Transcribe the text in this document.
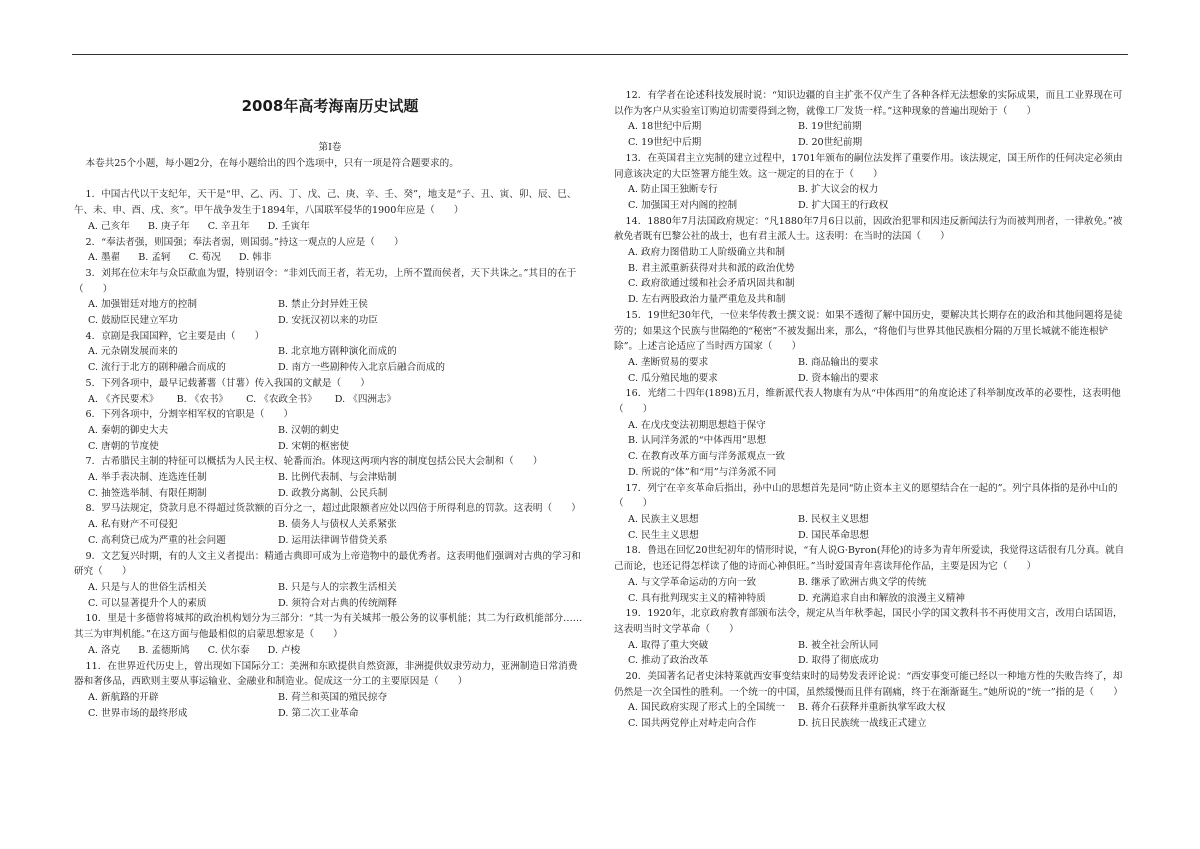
2008年高考海南历史试题
第Ⅰ卷

本卷共25个小题，每小题2分，在每小题给出的四个选项中，只有一项是符合题要求的。

1．中国古代以干支纪年，天干是“甲、乙、丙、丁、戊、己、庚、辛、壬、癸”，地支是“子、丑、寅、卯、辰、巳、午、未、申、酉、戌、亥”。甲午战争发生于1894年，八国联军侵华的1900年应是（　　）

A. 己亥年 B. 庚子年 C. 辛丑年 D. 壬寅年

2．“奉法者强，则国强；奉法者弱，则国弱。”持这一观点的人应是（　　）

A. 墨翟 B. 孟轲 C. 荀况 D. 韩非

3．刘邦在位末年与众臣歃血为盟，特别诏令：“非刘氏而王者，若无功，上所不置而侯者，天下共诛之。”其目的在于（　　）

A. 加强钳廷对地方的控制	B. 禁止分封异姓王侯
C. 鼓励臣民建立军功	D. 安抚汉初以来的功臣

4．京剧是我国国粹，它主要是由（　　）

A. 元杂剧发展而来的	B. 北京地方剧种演化而成的
C. 流行于北方的剧种融合而成的	D. 南方一些剧种传入北京后融合而成的

5．下列各项中，最早记载蕃薯（甘薯）传入我国的文献是（　　）

A. 《齐民要术》 B. 《农书》 C. 《农政全书》 D. 《四洲志》

6．下列各项中，分割宰相军权的官职是（　　）

A. 秦朝的御史大夫	B. 汉朝的刺史
C. 唐朝的节度使	D. 宋朝的枢密使

7．古希腊民主制的特征可以概括为人民主权、轮番而治。体现这两项内容的制度包括公民大会制和（　　）

A. 举手表决制、连选连任制	B. 比例代表制、与会津贴制
C. 抽签选举制、有限任期制	D. 政教分离制、公民兵制

8．罗马法规定，贷款月息不得超过货款额的百分之一，超过此限额者应处以四倍于所得利息的罚款。这表明（　　）

A. 私有财产不可侵犯	B. 债务人与债权人关系紧张
C. 高利贷已成为严重的社会问题	D. 运用法律调节借贷关系

9．文艺复兴时期，有的人文主义者提出：精通古典即可成为上帝造物中的最优秀者。这表明他们强调对古典的学习和研究（　　）

A. 只是与人的世俗生活相关	B. 只是与人的宗教生活相关
C. 可以显著提升个人的素质	D. 须符合对古典的传统阐释

10．里是十多德曾将城邦的政治机构划分为三部分：“其一为有关城邦一般公务的议事机能；其二为行政机能部分……其三为审判机能。”在这方面与他最相似的启蒙思想家是（　　）

A. 洛克 B. 孟德斯鸠 C. 伏尔泰 D. 卢梭

11．在世界近代历史上，曾出现如下国际分工：美洲和东欧提供自然资源，非洲提供奴隶劳动力，亚洲制造日常消费器和奢侈品，西欧则主要从事运输业、金融业和制造业。促成这一分工的主要原因是（　　）

A. 新航路的开辟	B. 荷兰和英国的殖民掠夺
C. 世界市场的最终形成	D. 第二次工业革命

12．有学者在论述科技发展时说：“知识边疆的自主扩张不仅产生了各种各样无法想象的实际成果，而且工业界现在可以作为客户从实验室订购迫切需要得到之物，就像工厂发货一样。”这种现象的普遍出现始于（　　）

A. 18世纪中后期	B. 19世纪前期
C. 19世纪中后期	D. 20世纪前期

13．在英国君主立宪制的建立过程中，1701年颁布的嗣位法发挥了重要作用。该法规定，国王所作的任何决定必须由同意该决定的大臣签署方能生效。这一规定的目的在于（　　）

A. 防止国王独断专行	B. 扩大议会的权力
C. 加强国王对内阁的控制	D. 扩大国王的行政权

14．1880年7月法国政府规定：“凡1880年7月6日以前，因政治犯罪和因违反新闻法行为而被判刑者，一律赦免。”被赦免者既有巴黎公社的战士，也有君主派人士。这表明：在当时的法国（　　）

A. 政府力图借助工人阶级确立共和制
B. 君主派重新获得对共和派的政治优势
C. 政府欲通过缓和社会矛盾巩固共和制
D. 左右两股政治力量严重危及共和制

15．19世纪30年代，一位来华传教士撰文说：如果不透彻了解中国历史，要解决其长期存在的政治和其他问题将是徒劳的；如果这个民族与世隔绝的“秘密”不被发掘出来，那么，“将他们与世界其他民族相分隔的万里长城就不能连根铲除”。上述言论适应了当时西方国家（　　）

A. 垄断贸易的要求	B. 商品输出的要求
C. 瓜分殖民地的要求	D. 资本输出的要求

16．光绪二十四年(1898)五月，维新派代表人物康有为从“中体西用”的角度论述了科举制度改革的必要性，这表明他（　　）

A. 在戊戌变法初期思想趋于保守
B. 认同洋务派的“中体西用”思想
C. 在教育改革方面与洋务派观点一致
D. 所说的“体”和“用”与洋务派不同

17．列宁在辛亥革命后指出，孙中山的思想首先是同“防止资本主义的愿望结合在一起的”。列宁具体指的是孙中山的（　　）

A. 民族主义思想	B. 民权主义思想
C. 民生主义思想	D. 国民革命思想

18．鲁迅在回忆20世纪初年的情形时说，“有人说G·Byron(拜伦)的诗多为青年所爱读，我觉得这话很有几分真。就自己而论，也还记得怎样读了他的诗而心神俱旺。”当时爱国青年喜读拜伦作品，主要是因为它（　　）

A. 与文学革命运动的方向一致	B. 继承了欧洲古典文学的传统
C. 具有批判现实主义的精神特质	D. 充满追求自由和解放的浪漫主义精神

19．1920年，北京政府教育部颁布法令，规定从当年秋季起，国民小学的国文教科书不再使用文言，改用白话国语，这表明当时文学革命（　　）

A. 取得了重大突破	B. 被全社会所认同
C. 推动了政治改革	D. 取得了彻底成功

20．美国著名记者史沫特莱就西安事变结束时的局势发表评论说：“西安事变可能已经以一种地方性的失败告终了，却仍然是一次全国性的胜利。一个统一的中国，虽然缓慢而且伴有剧痛，终于在渐渐诞生。”她所说的“统一”指的是（　　）

A. 国民政府实现了形式上的全国统一	B. 蒋介石获释并重新执掌军政大权
C. 国共两党停止对峙走向合作	D. 抗日民族统一战线正式建立
